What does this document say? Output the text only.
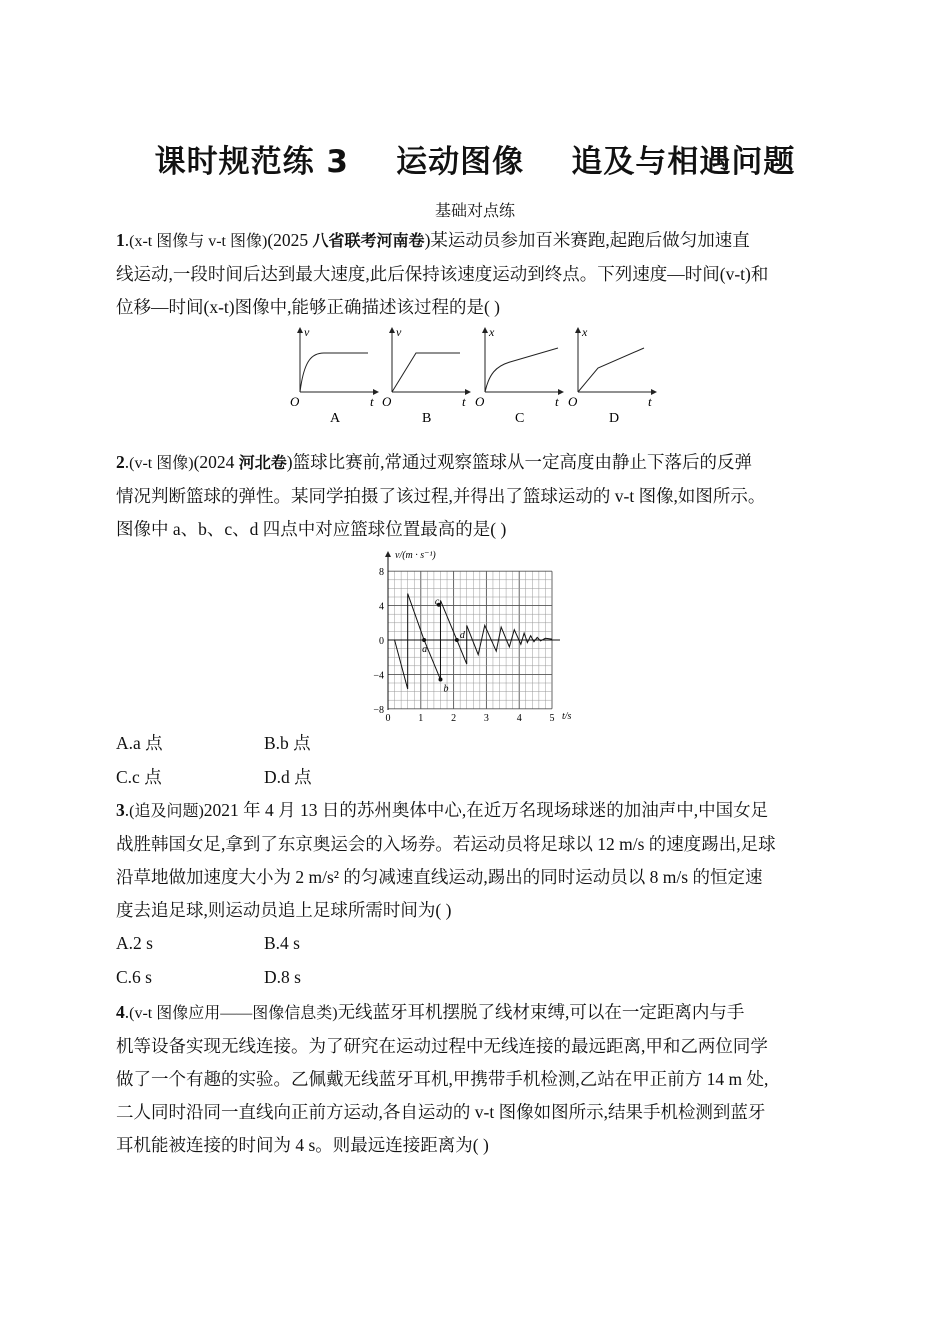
课时规范练 3    运动图像    追及与相遇问题
基础对点练
1.(x-t 图像与 v-t 图像)(2025 八省联考河南卷)某运动员参加百米赛跑,起跑后做匀加速直
线运动,一段时间后达到最大速度,此后保持该速度运动到终点。下列速度—时间(v-t)和
位移—时间(x-t)图像中,能够正确描述该过程的是( )
v
O	t
A
v
O	t
B
x
O	t
C
x
O	t
D
2.(v-t 图像)(2024 河北卷)篮球比赛前,常通过观察篮球从一定高度由静止下落后的反弹
情况判断篮球的弹性。某同学拍摄了该过程,并得出了篮球运动的 v-t 图像,如图所示。
图像中 a、b、c、d 四点中对应篮球位置最高的是( )
v/(m · s⁻¹)
t/s
8
4
0
−4
−8
0	1	2	3	4	5
a
b
c
d
A.a 点	B.b 点
C.c 点	D.d 点
3.(追及问题)2021 年 4 月 13 日的苏州奥体中心,在近万名现场球迷的加油声中,中国女足
战胜韩国女足,拿到了东京奥运会的入场券。若运动员将足球以 12 m/s 的速度踢出,足球
沿草地做加速度大小为 2 m/s² 的匀减速直线运动,踢出的同时运动员以 8 m/s 的恒定速
度去追足球,则运动员追上足球所需时间为( )
A.2 s	B.4 s
C.6 s	D.8 s
4.(v-t 图像应用——图像信息类)无线蓝牙耳机摆脱了线材束缚,可以在一定距离内与手
机等设备实现无线连接。为了研究在运动过程中无线连接的最远距离,甲和乙两位同学
做了一个有趣的实验。乙佩戴无线蓝牙耳机,甲携带手机检测,乙站在甲正前方 14 m 处,
二人同时沿同一直线向正前方运动,各自运动的 v-t 图像如图所示,结果手机检测到蓝牙
耳机能被连接的时间为 4 s。则最远连接距离为( )
